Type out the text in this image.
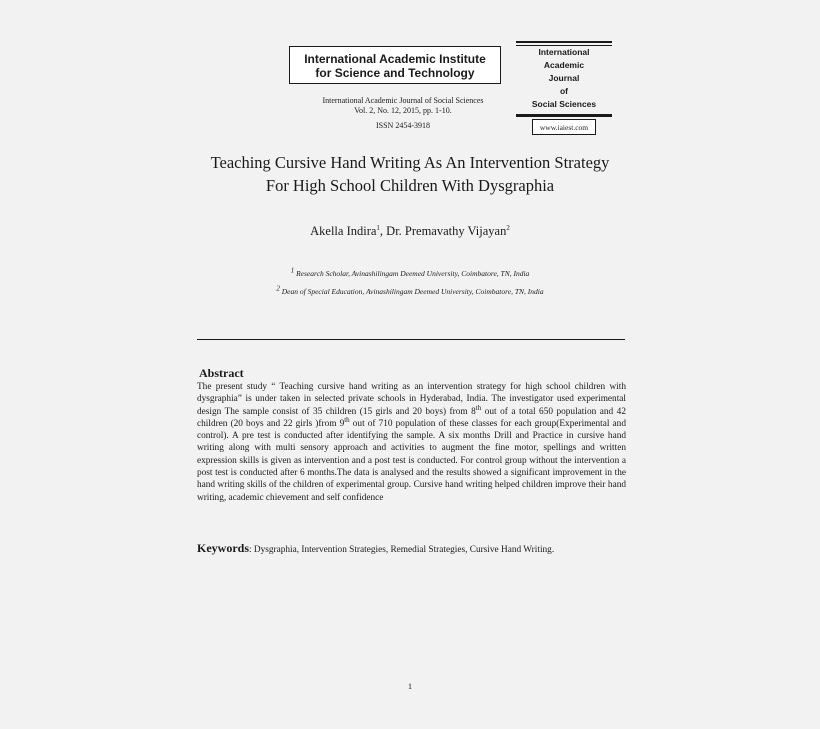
International Academic Institute
for Science and Technology
International Academic Journal of Social Sciences
Vol. 2, No. 12, 2015, pp. 1-10.
ISSN 2454-3918
International
Academic
Journal
of
Social Sciences
www.iaiest.com
Teaching Cursive Hand Writing As An Intervention Strategy
For High School Children With Dysgraphia
Akella Indira$^1$, Dr. Premavathy Vijayan$^2$
$^1$ Research Scholar, Avinashilingam Deemed University, Coimbatore, TN, India
$^2$ Dean of Special Education, Avinashilingam Deemed University, Coimbatore, TN, India
Abstract
The present study “ Teaching cursive hand writing as an intervention strategy for high school children with dysgraphia” is under taken in selected private schools in Hyderabad, India. The investigator used experimental design The sample consist of 35 children (15 girls and 20 boys) from 8th out of a total 650 population and 42 children (20 boys and 22 girls )from 9th out of 710 population of these classes for each group(Experimental and control). A pre test is conducted after identifying the sample. A six months Drill and Practice in cursive hand writing along with multi sensory approach and activities to augment the fine motor, spellings and written expression skills is given as intervention and a post test is conducted. For control group without the intervention a post test is conducted after 6 months.The data is analysed and the results showed a significant improvement in the hand writing skills of the children of experimental group. Cursive hand writing helped children improve their hand writing, academic chievement and self confidence
Keywords: Dysgraphia, Intervention Strategies, Remedial Strategies, Cursive Hand Writing.
1
